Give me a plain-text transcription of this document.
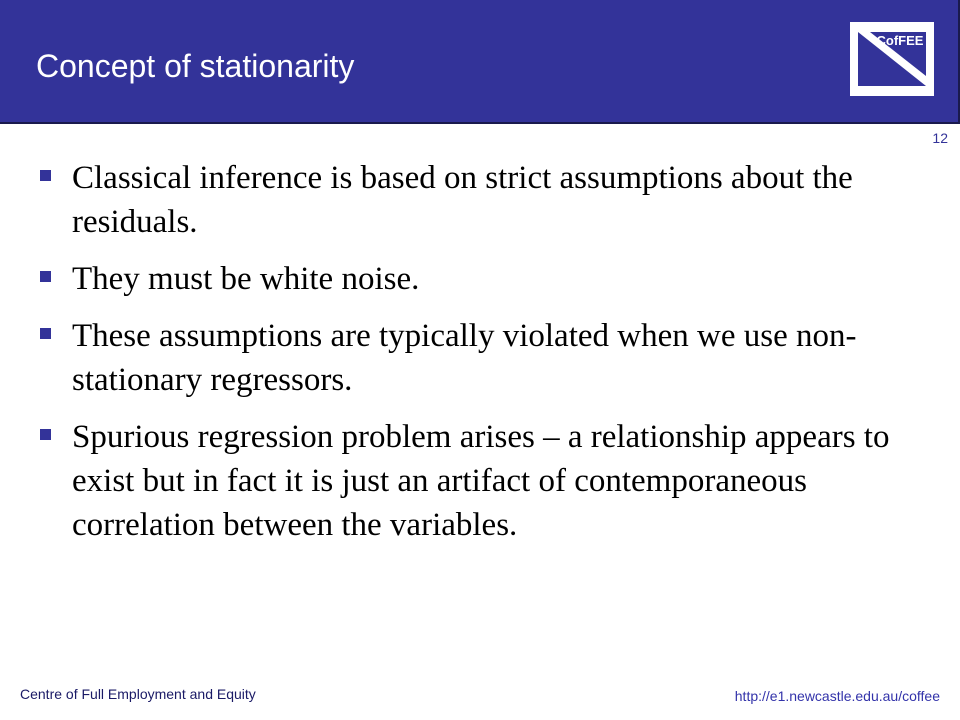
Concept of stationarity
CofFEE
12
Classical inference is based on strict assumptions about the residuals.
They must be white noise.
These assumptions are typically violated when we use non-stationary regressors.
Spurious regression problem arises – a relationship appears to exist but in fact it is just an artifact of contemporaneous correlation between the variables.
Centre of Full Employment and Equity	http://e1.newcastle.edu.au/coffee
